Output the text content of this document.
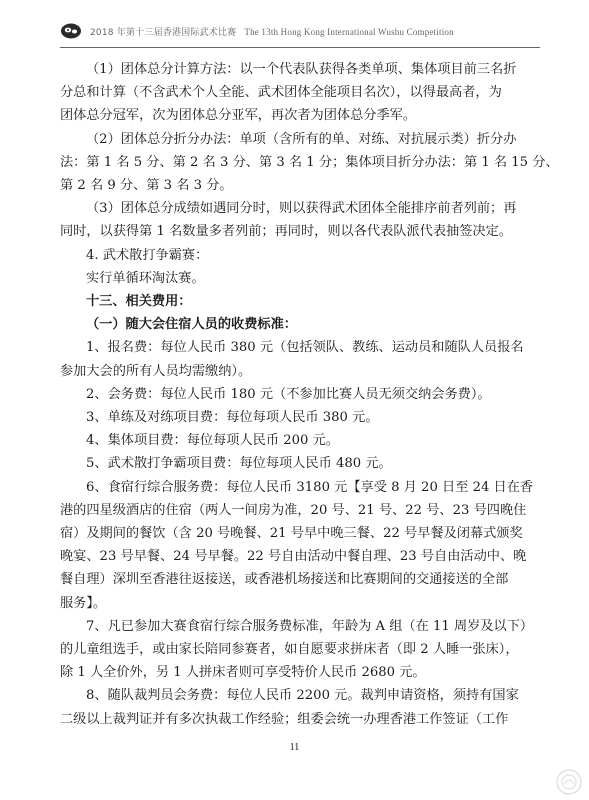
2018 年第十三届香港国际武术比赛 The 13th Hong Kong International Wushu Competition
（1）团体总分计算方法：以一个代表队获得各类单项、集体项目前三名折
分总和计算（不含武术个人全能、武术团体全能项目名次），以得最高者，为
团体总分冠军，次为团体总分亚军，再次者为团体总分季军。
（2）团体总分折分办法：单项（含所有的单、对练、对抗展示类）折分办
法：第 1 名 5 分、第 2 名 3 分、第 3 名 1 分；集体项目折分办法：第 1 名 15 分、
第 2 名 9 分、第 3 名 3 分。
（3）团体总分成绩如遇同分时，则以获得武术团体全能排序前者列前；再
同时，以获得第 1 名数量多者列前；再同时，则以各代表队派代表抽签决定。
4. 武术散打争霸赛：
实行单循环淘汰赛。
十三、相关费用：
（一）随大会住宿人员的收费标准：
1、报名费：每位人民币 380 元（包括领队、教练、运动员和随队人员报名
参加大会的所有人员均需缴纳）。
2、会务费：每位人民币 180 元（不参加比赛人员无须交纳会务费）。
3、单练及对练项目费：每位每项人民币 380 元。
4、集体项目费：每位每项人民币 200 元。
5、武术散打争霸项目费：每位每项人民币 480 元。
6、食宿行综合服务费：每位人民币 3180 元【享受 8 月 20 日至 24 日在香
港的四星级酒店的住宿（两人一间房为准，20 号、21 号、22 号、23 号四晚住
宿）及期间的餐饮（含 20 号晚餐、21 号早中晚三餐、22 号早餐及闭幕式颁奖
晚宴、23 号早餐、24 号早餐。22 号自由活动中餐自理、23 号自由活动中、晚
餐自理）深圳至香港往返接送，或香港机场接送和比赛期间的交通接送的全部
服务】。
7、凡已参加大赛食宿行综合服务费标准，年龄为 A 组（在 11 周岁及以下）
的儿童组选手，或由家长陪同参赛者，如自愿要求拼床者（即 2 人睡一张床），
除 1 人全价外，另 1 人拼床者则可享受特价人民币 2680 元。
8、随队裁判员会务费：每位人民币 2200 元。裁判申请资格，须持有国家
二级以上裁判证并有多次执裁工作经验；组委会统一办理香港工作签证（工作
11
